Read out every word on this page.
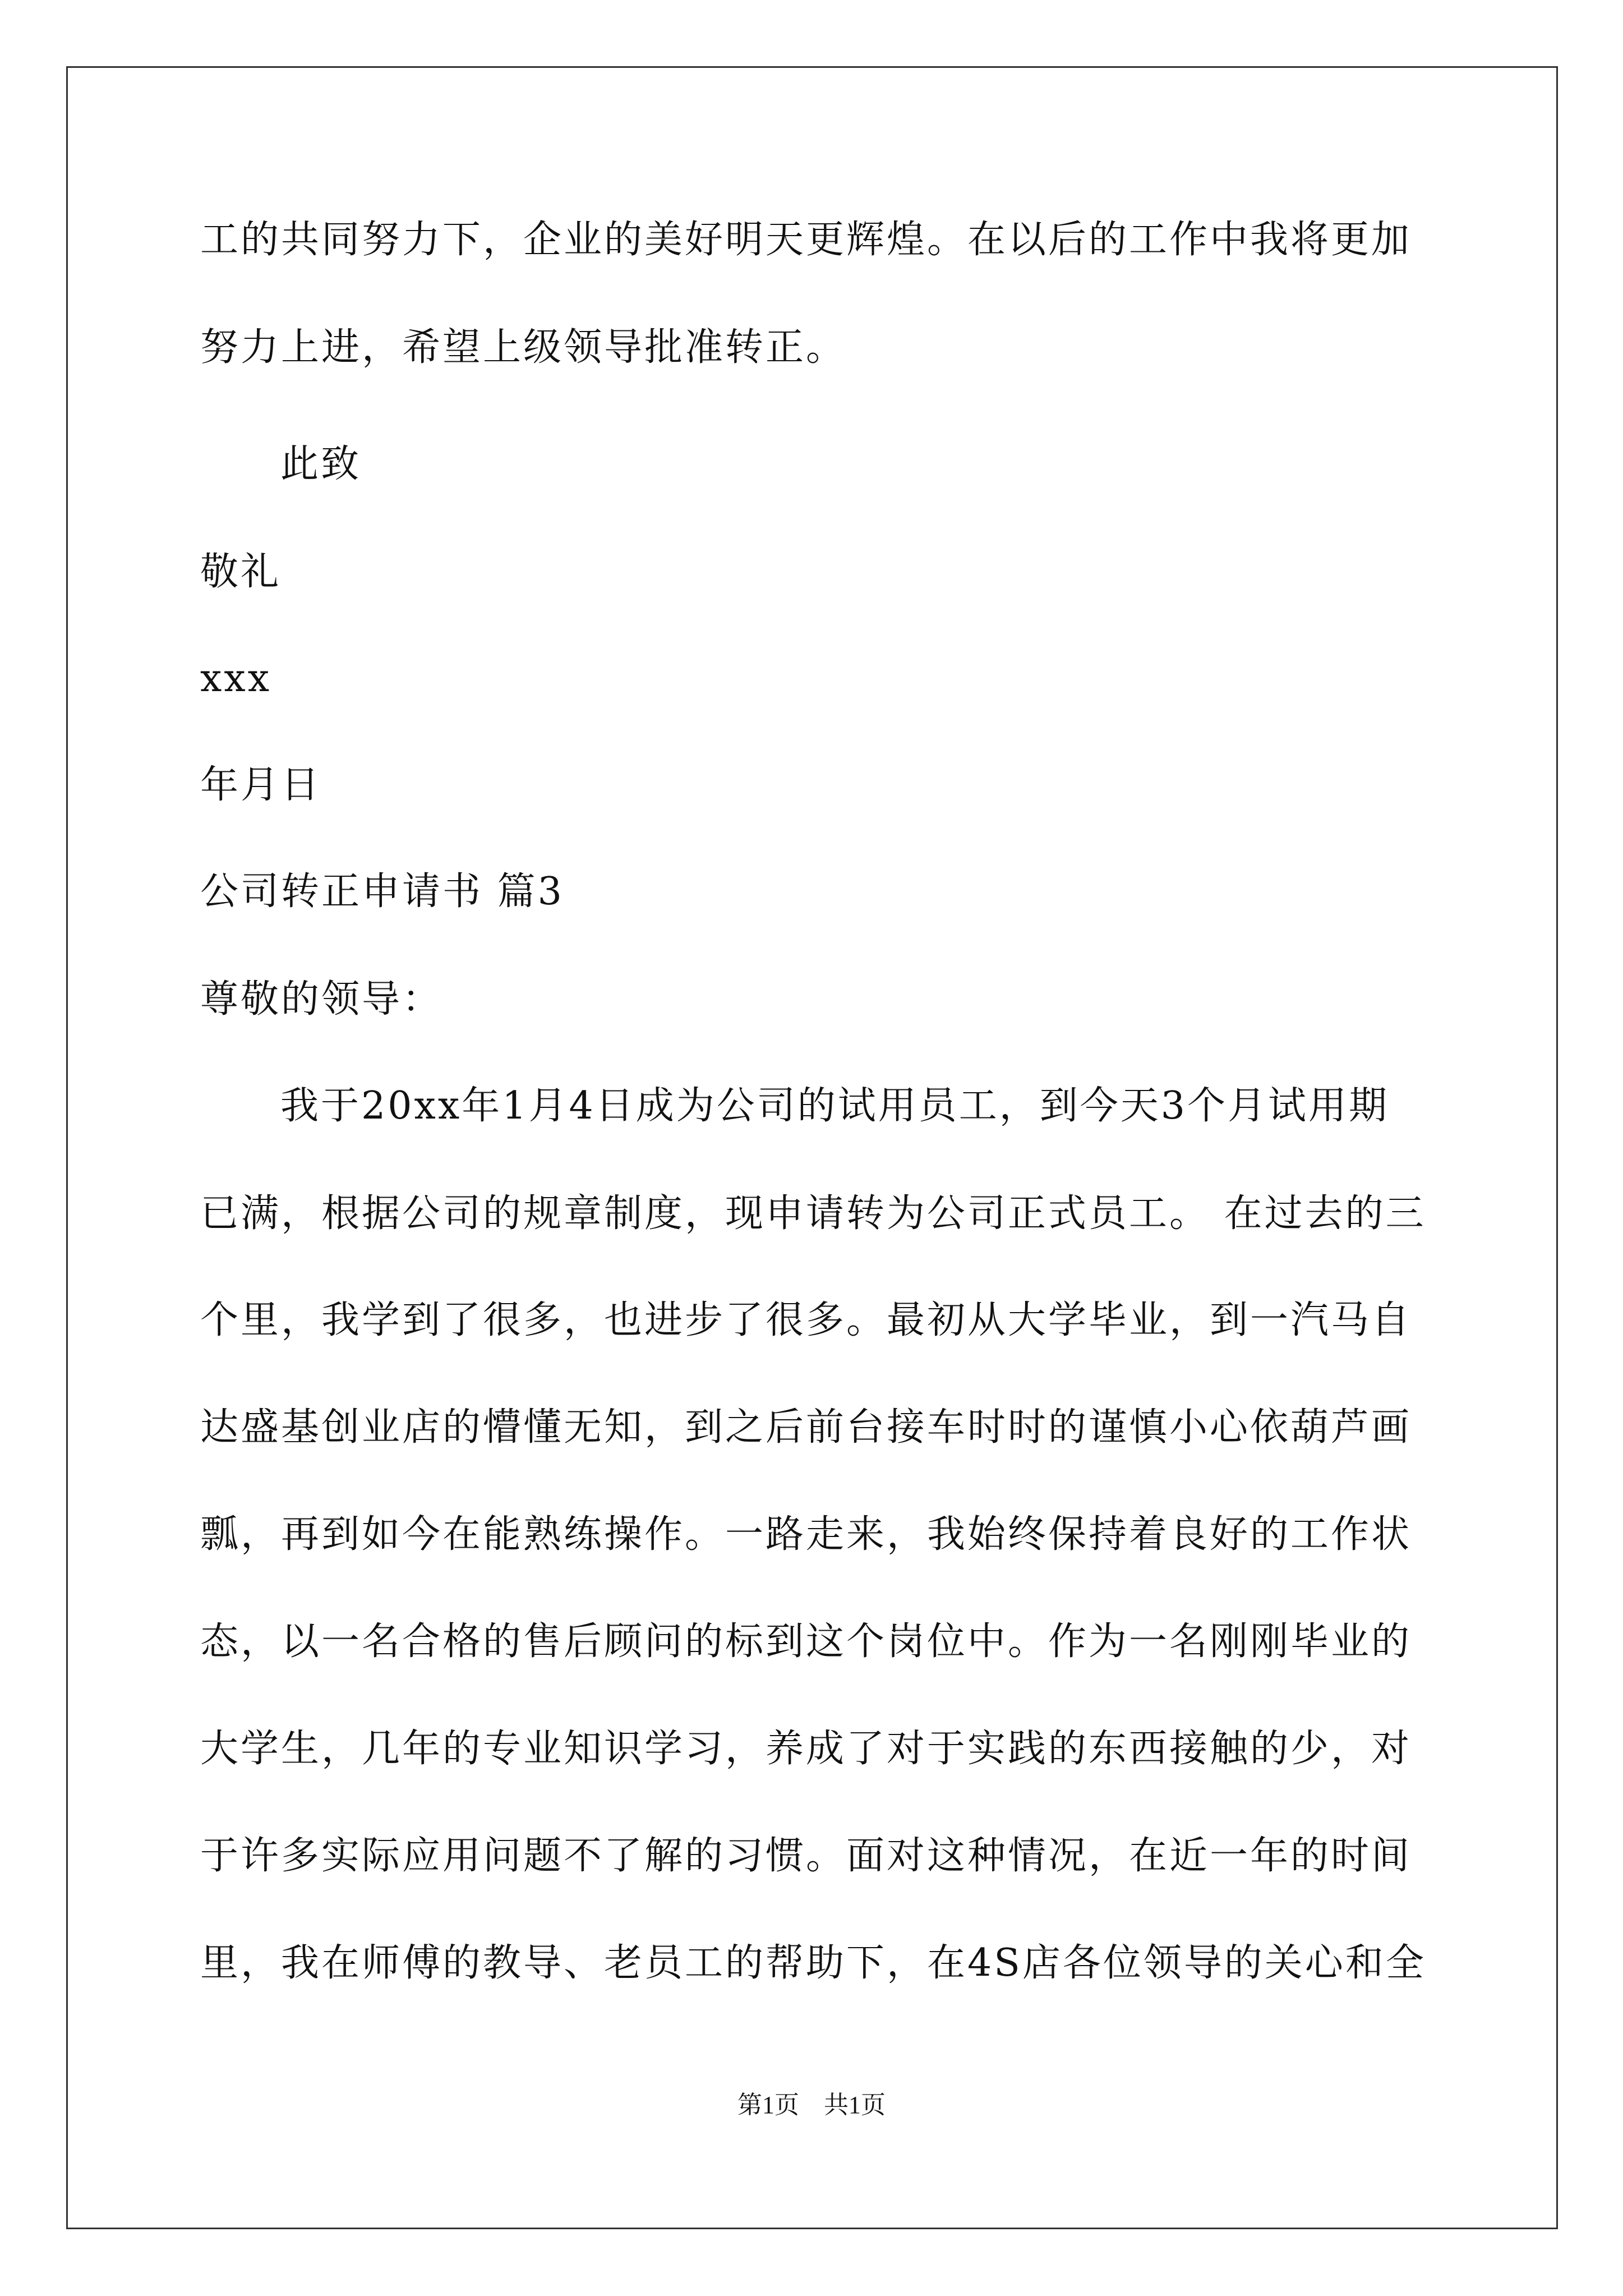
工的共同努力下，企业的美好明天更辉煌。在以后的工作中我将更加
努力上进，希望上级领导批准转正。
此致
敬礼
xxx
年月日
公司转正申请书 篇3
尊敬的领导：
我于20xx年1月4日成为公司的试用员工，到今天3个月试用期
已满，根据公司的规章制度，现申请转为公司正式员工。 在过去的三
个里，我学到了很多，也进步了很多。最初从大学毕业，到一汽马自
达盛基创业店的懵懂无知，到之后前台接车时时的谨慎小心依葫芦画
瓢，再到如今在能熟练操作。一路走来，我始终保持着良好的工作状
态，以一名合格的售后顾问的标到这个岗位中。作为一名刚刚毕业的
大学生，几年的专业知识学习，养成了对于实践的东西接触的少，对
于许多实际应用问题不了解的习惯。面对这种情况，在近一年的时间
里，我在师傅的教导、老员工的帮助下，在4S店各位领导的关心和全
第1页　共1页
